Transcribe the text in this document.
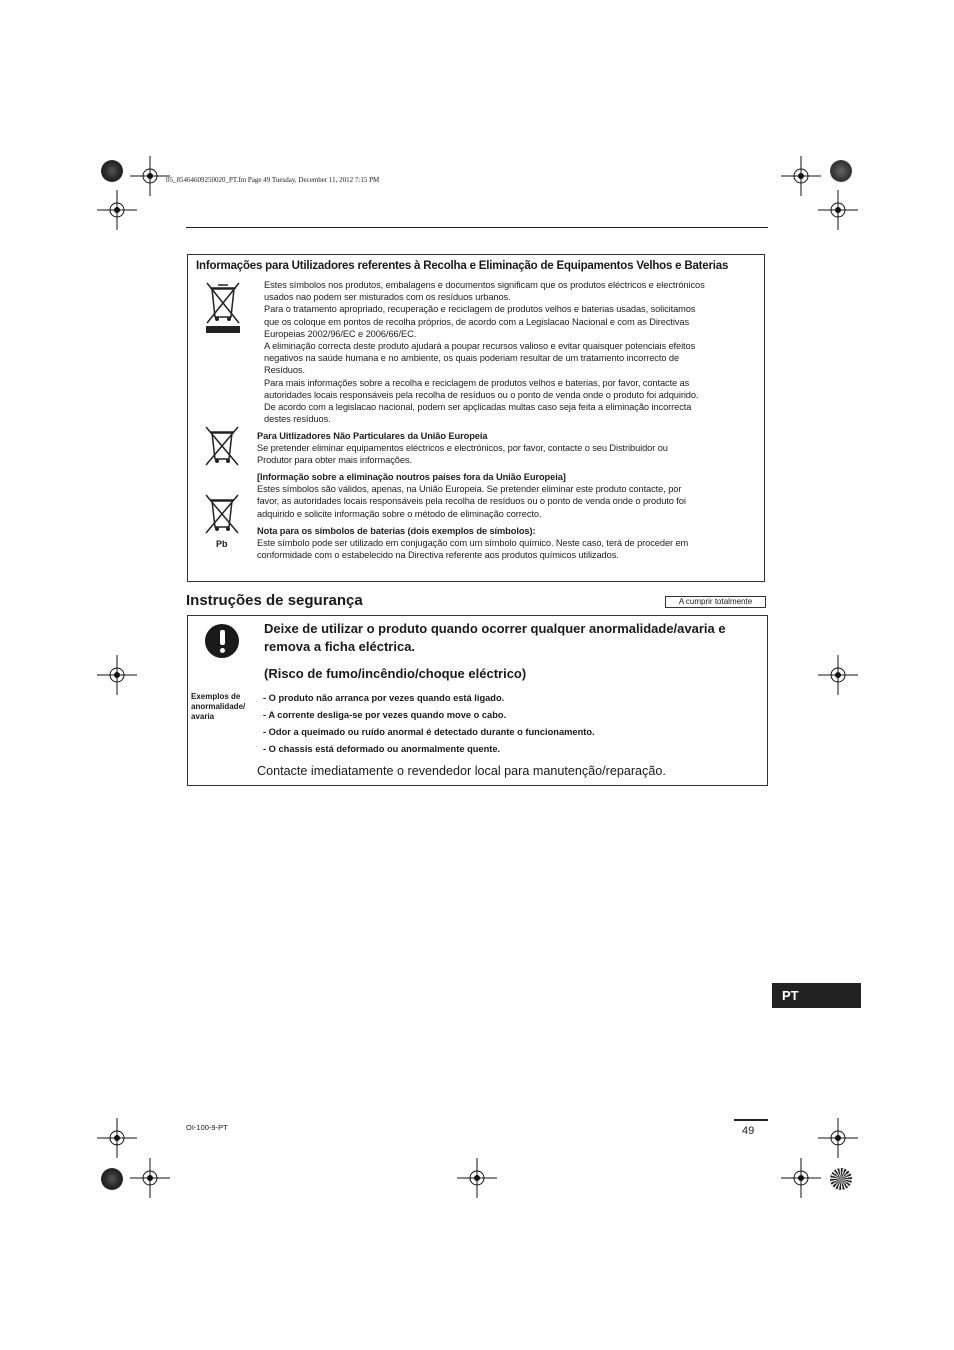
05_85464609250020_PT.fm Page 49 Tuesday, December 11, 2012 7:15 PM
Informações para Utilizadores referentes à Recolha e Eliminação de Equipamentos Velhos e Baterias

Estes símbolos nos produtos, embalagens e documentos significam que os produtos eléctricos e electrónicos

usados nao podem ser misturados com os resíduos urbanos.

Para o tratamento apropriado, recuperação e reciclagem de produtos velhos e baterias usadas, solicitamos

que os coloque em pontos de recolha próprios, de acordo com a Legislacao Nacional e com as Directivas

Europeias 2002/96/EC e 2006/66/EC.

A eliminação correcta deste produto ajudará a poupar recursos valioso e evitar quaisquer potenciais efeitos

negativos na saúde humana e no ambiente, os quais poderiam resultar de um tratamento incorrecto de

Resíduos.

Para mais informações sobre a recolha e reciclagem de produtos velhos e baterias, por favor, contacte as

autoridades locais responsáveis pela recolha de resíduos ou o ponto de venda onde o produto foi adquirido.

De acordo com a legislacao nacional, podem ser apçlicadas multas caso seja feita a eliminação incorrecta

destes resíduos.

Para Uitlizadores Não Particulares da União Europeia

Se pretender eliminar equipamentos eléctricos e electrónicos, por favor, contacte o seu Distribuidor ou

Produtor para obter mais informações.

[Informação sobre a eliminação noutros países fora da União Europeia]

Estes símbolos são válidos, apenas, na União Europeia. Se pretender eliminar este produto contacte, por

favor, as autoridades locais responsáveis pela recolha de resíduos ou o ponto de venda onde o produto foi

adquirido e solicite informação sobre o método de eliminação correcto.

Pb

Nota para os símbolos de baterias (dois exemplos de símbolos):

Este símbolo pode ser utilizado em conjugação com um símbolo químico. Neste caso, terá de proceder em

conformidade com o estabelecido na Directiva referente aos produtos químicos utilizados.

Instruções de segurança	A cumprir totalmente
Deixe de utilizar o produto quando ocorrer qualquer anormalidade/avaria e remova a ficha eléctrica.
(Risco de fumo/incêndio/choque eléctrico)
Exemplos de anormalidade/ avaria
- O produto não arranca por vezes quando está ligado.
- A corrente desliga-se por vezes quando move o cabo.
- Odor a queimado ou ruído anormal é detectado durante o funcionamento.
- O chassis está deformado ou anormalmente quente.
Contacte imediatamente o revendedor local para manutenção/reparação.
PT
OI-100-9-PT	49
